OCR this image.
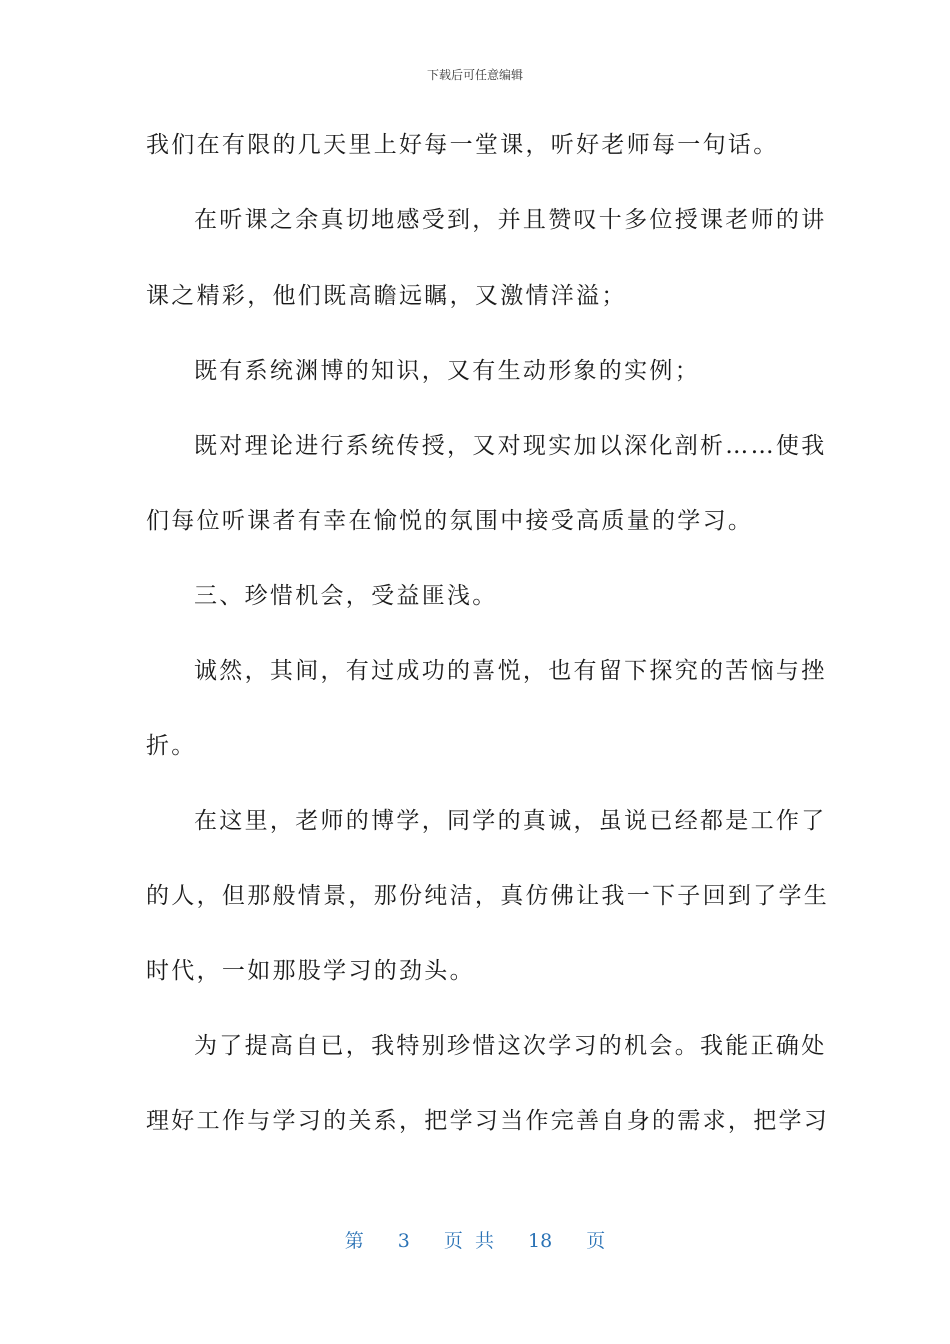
下载后可任意编辑
我们在有限的几天里上好每一堂课，听好老师每一句话。
在听课之余真切地感受到，并且赞叹十多位授课老师的讲
课之精彩，他们既高瞻远瞩，又激情洋溢；
既有系统渊博的知识，又有生动形象的实例；
既对理论进行系统传授，又对现实加以深化剖析……使我
们每位听课者有幸在愉悦的氛围中接受高质量的学习。
三、珍惜机会，受益匪浅。
诚然，其间，有过成功的喜悦，也有留下探究的苦恼与挫
折。
在这里，老师的博学，同学的真诚，虽说已经都是工作了
的人，但那般情景，那份纯洁，真仿佛让我一下子回到了学生
时代，一如那股学习的劲头。
为了提高自已，我特别珍惜这次学习的机会。我能正确处
理好工作与学习的关系，把学习当作完善自身的需求，把学习
第 3 页 共 18 页
